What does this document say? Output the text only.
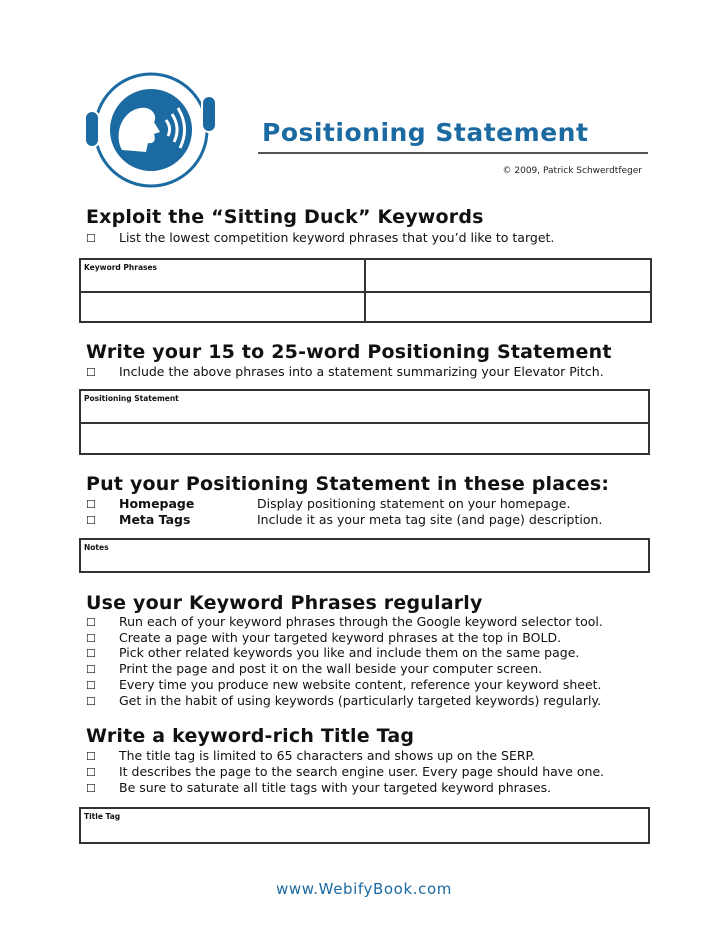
Positioning Statement
© 2009, Patrick Schwerdtfeger
Exploit the “Sitting Duck” Keywords
☐ List the lowest competition keyword phrases that you’d like to target.
Keyword Phrases	

Write your 15 to 25-word Positioning Statement
☐ Include the above phrases into a statement summarizing your Elevator Pitch.
Positioning Statement

Put your Positioning Statement in these places:
☐ Homepage	Display positioning statement on your homepage.
☐ Meta Tags	Include it as your meta tag site (and page) description.
Notes
Use your Keyword Phrases regularly
☐ Run each of your keyword phrases through the Google keyword selector tool.
☐ Create a page with your targeted keyword phrases at the top in BOLD.
☐ Pick other related keywords you like and include them on the same page.
☐ Print the page and post it on the wall beside your computer screen.
☐ Every time you produce new website content, reference your keyword sheet.
☐ Get in the habit of using keywords (particularly targeted keywords) regularly.
Write a keyword-rich Title Tag
☐ The title tag is limited to 65 characters and shows up on the SERP.
☐ It describes the page to the search engine user. Every page should have one.
☐ Be sure to saturate all title tags with your targeted keyword phrases.
Title Tag
www.WebifyBook.com
